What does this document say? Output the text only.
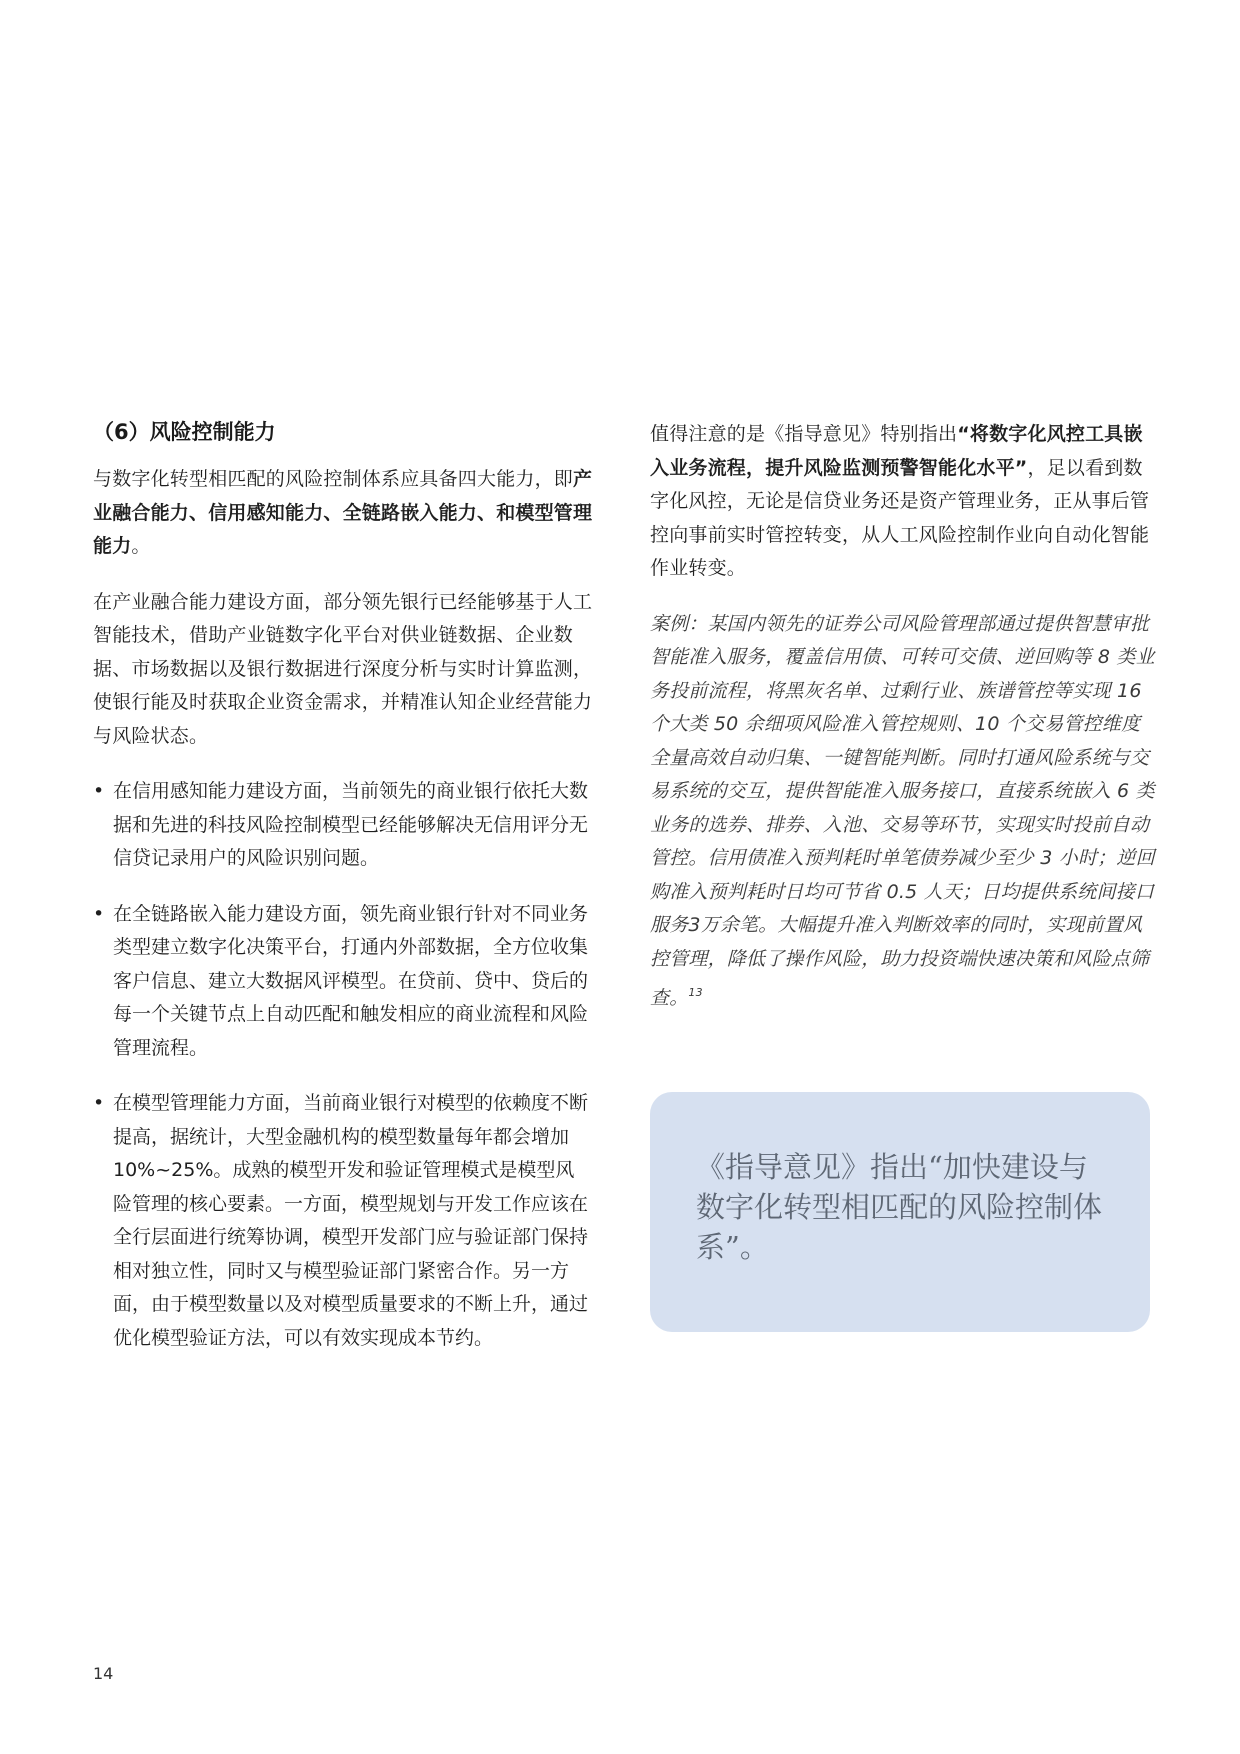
（6）风险控制能力

与数字化转型相匹配的风险控制体系应具备四大能力，即产业融合能力、信用感知能力、全链路嵌入能力、和模型管理能力。

在产业融合能力建设方面，部分领先银行已经能够基于人工智能技术，借助产业链数字化平台对供业链数据、企业数据、市场数据以及银行数据进行深度分析与实时计算监测，使银行能及时获取企业资金需求，并精准认知企业经营能力与风险状态。

• 在信用感知能力建设方面，当前领先的商业银行依托大数据和先进的科技风险控制模型已经能够解决无信用评分无信贷记录用户的风险识别问题。
• 在全链路嵌入能力建设方面，领先商业银行针对不同业务类型建立数字化决策平台，打通内外部数据，全方位收集客户信息、建立大数据风评模型。在贷前、贷中、贷后的每一个关键节点上自动匹配和触发相应的商业流程和风险管理流程。
• 在模型管理能力方面，当前商业银行对模型的依赖度不断提高，据统计，大型金融机构的模型数量每年都会增加10%~25%。成熟的模型开发和验证管理模式是模型风险管理的核心要素。一方面，模型规划与开发工作应该在全行层面进行统筹协调，模型开发部门应与验证部门保持相对独立性，同时又与模型验证部门紧密合作。另一方面，由于模型数量以及对模型质量要求的不断上升，通过优化模型验证方法，可以有效实现成本节约。

值得注意的是《指导意见》特别指出“将数字化风控工具嵌入业务流程，提升风险监测预警智能化水平”，足以看到数字化风控，无论是信贷业务还是资产管理业务，正从事后管控向事前实时管控转变，从人工风险控制作业向自动化智能作业转变。

案例：某国内领先的证券公司风险管理部通过提供智慧审批智能准入服务，覆盖信用债、可转可交债、逆回购等 8 类业务投前流程，将黑灰名单、过剩行业、族谱管控等实现 16 个大类 50 余细项风险准入管控规则、10 个交易管控维度全量高效自动归集、一键智能判断。同时打通风险系统与交易系统的交互，提供智能准入服务接口，直接系统嵌入 6 类业务的选券、排券、入池、交易等环节，实现实时投前自动管控。信用债准入预判耗时单笔债券减少至少 3 小时；逆回购准入预判耗时日均可节省 0.5 人天；日均提供系统间接口服务3万余笔。大幅提升准入判断效率的同时，实现前置风控管理，降低了操作风险，助力投资端快速决策和风险点筛查。$^{13}$

《指导意见》指出“加快建设与数字化转型相匹配的风险控制体系”。
14
